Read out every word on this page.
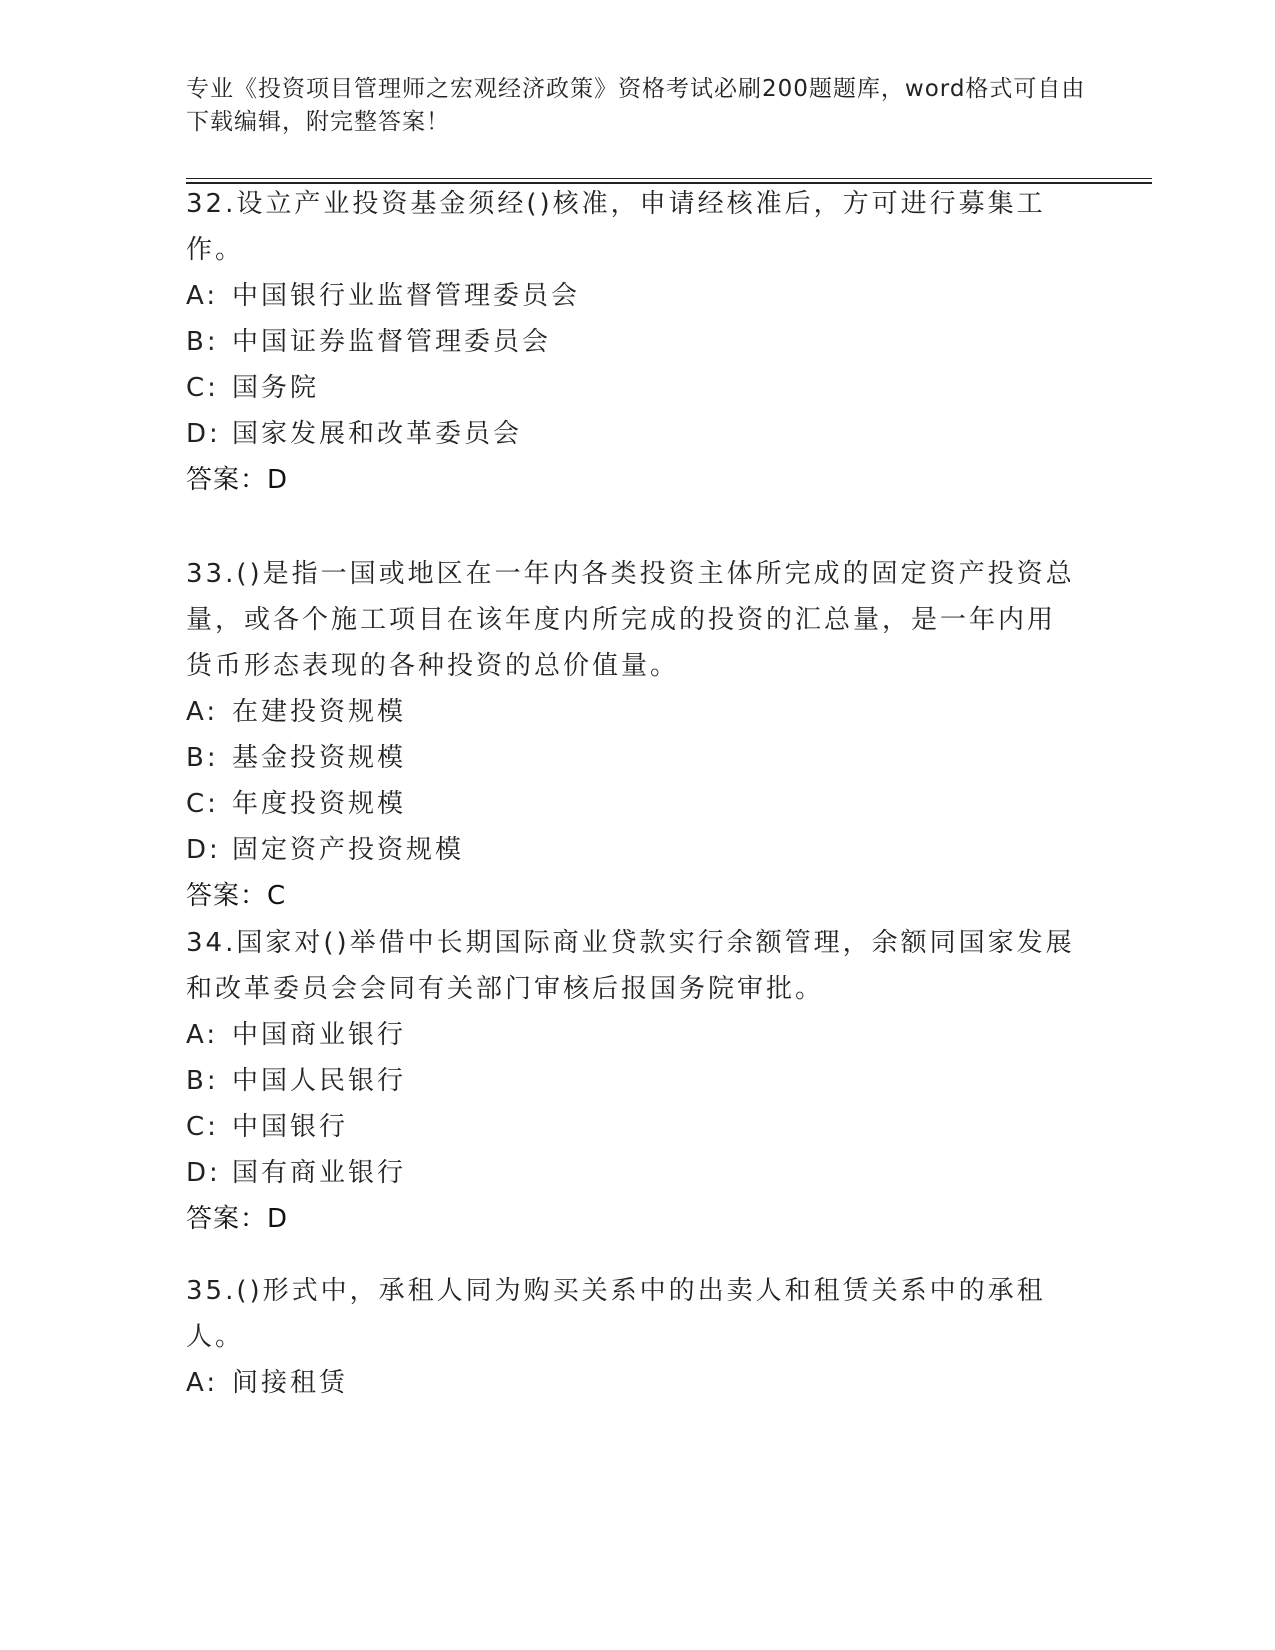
专业《投资项目管理师之宏观经济政策》资格考试必刷200题题库，word格式可自由下载编辑，附完整答案！

32.设立产业投资基金须经()核准，申请经核准后，方可进行募集工作。

A: 中国银行业监督管理委员会
B: 中国证券监督管理委员会
C: 国务院
D: 国家发展和改革委员会
答案：D

33.()是指一国或地区在一年内各类投资主体所完成的固定资产投资总量，或各个施工项目在该年度内所完成的投资的汇总量，是一年内用货币形态表现的各种投资的总价值量。

A: 在建投资规模
B: 基金投资规模
C: 年度投资规模
D: 固定资产投资规模
答案：C

34.国家对()举借中长期国际商业贷款实行余额管理，余额同国家发展和改革委员会会同有关部门审核后报国务院审批。

A: 中国商业银行
B: 中国人民银行
C: 中国银行
D: 国有商业银行
答案：D

35.()形式中，承租人同为购买关系中的出卖人和租赁关系中的承租人。

A: 间接租赁
